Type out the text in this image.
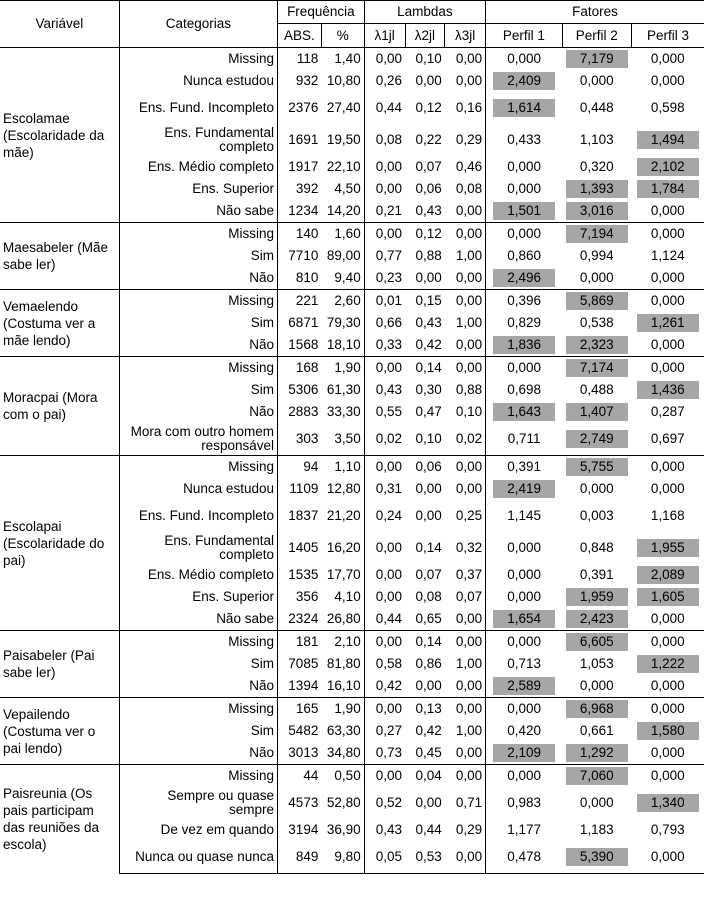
Variável	Categorias	Frequência		Lambdas			Fatores		
		ABS.	%	λ1jl	λ2jl	λ3jl	Perfil 1	Perfil 2	Perfil 3
Escolamae (Escolaridade da mãe)	Missing	118	1,40	0,00	0,10	0,00	0,000	7,179	0,000

	Nunca estudou	932	10,80	0,26	0,00	0,00	2,409	0,000	0,000

	Ens. Fund. Incompleto	2376	27,40	0,44	0,12	0,16	1,614	0,448	0,598

	Ens. Fundamental completo	1691	19,50	0,08	0,22	0,29	0,433	1,103	1,494

	Ens. Médio completo	1917	22,10	0,00	0,07	0,46	0,000	0,320	2,102

	Ens. Superior	392	4,50	0,00	0,06	0,08	0,000	1,393	1,784

	Não sabe	1234	14,20	0,21	0,43	0,00	1,501	3,016	0,000

Maesabeler (Mãe sabe ler)	Missing	140	1,60	0,00	0,12	0,00	0,000	7,194	0,000

	Sim	7710	89,00	0,77	0,88	1,00	0,860	0,994	1,124

	Não	810	9,40	0,23	0,00	0,00	2,496	0,000	0,000

Vemaelendo (Costuma ver a mãe lendo)	Missing	221	2,60	0,01	0,15	0,00	0,396	5,869	0,000

	Sim	6871	79,30	0,66	0,43	1,00	0,829	0,538	1,261

	Não	1568	18,10	0,33	0,42	0,00	1,836	2,323	0,000

Moracpai (Mora com o pai)	Missing	168	1,90	0,00	0,14	0,00	0,000	7,174	0,000

	Sim	5306	61,30	0,43	0,30	0,88	0,698	0,488	1,436

	Não	2883	33,30	0,55	0,47	0,10	1,643	1,407	0,287

	Mora com outro homem responsável	303	3,50	0,02	0,10	0,02	0,711	2,749	0,697

Escolapai (Escolaridade do pai)	Missing	94	1,10	0,00	0,06	0,00	0,391	5,755	0,000

	Nunca estudou	1109	12,80	0,31	0,00	0,00	2,419	0,000	0,000

	Ens. Fund. Incompleto	1837	21,20	0,24	0,00	0,25	1,145	0,003	1,168

	Ens. Fundamental completo	1405	16,20	0,00	0,14	0,32	0,000	0,848	1,955

	Ens. Médio completo	1535	17,70	0,00	0,07	0,37	0,000	0,391	2,089

	Ens. Superior	356	4,10	0,00	0,08	0,07	0,000	1,959	1,605

	Não sabe	2324	26,80	0,44	0,65	0,00	1,654	2,423	0,000

Paisabeler (Pai sabe ler)	Missing	181	2,10	0,00	0,14	0,00	0,000	6,605	0,000

	Sim	7085	81,80	0,58	0,86	1,00	0,713	1,053	1,222

	Não	1394	16,10	0,42	0,00	0,00	2,589	0,000	0,000

Vepailendo (Costuma ver o pai lendo)	Missing	165	1,90	0,00	0,13	0,00	0,000	6,968	0,000

	Sim	5482	63,30	0,27	0,42	1,00	0,420	0,661	1,580

	Não	3013	34,80	0,73	0,45	0,00	2,109	1,292	0,000

Paisreunia (Os pais participam das reuniões da escola)	Missing	44	0,50	0,00	0,04	0,00	0,000	7,060	0,000

	Sempre ou quase sempre	4573	52,80	0,52	0,00	0,71	0,983	0,000	1,340

	De vez em quando	3194	36,90	0,43	0,44	0,29	1,177	1,183	0,793

	Nunca ou quase nunca	849	9,80	0,05	0,53	0,00	0,478	5,390	0,000
